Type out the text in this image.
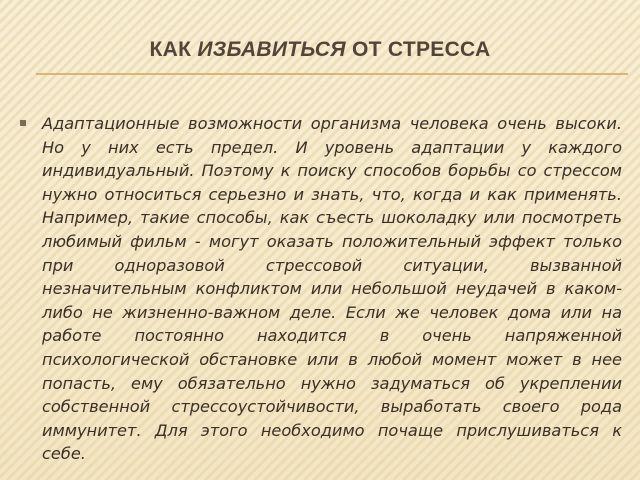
КАК ИЗБАВИТЬСЯ ОТ СТРЕССА

Адаптационные возможности организма человека очень высоки. Но у них есть предел. И уровень адаптации у каждого индивидуальный. Поэтому к поиску способов борьбы со стрессом нужно относиться серьезно и знать, что, когда и как применять. Например, такие способы, как съесть шоколадку или посмотреть любимый фильм - могут оказать положительный эффект только при одноразовой стрессовой ситуации, вызванной незначительным конфликтом или небольшой неудачей в каком-либо не жизненно-важном деле. Если же человек дома или на работе постоянно находится в очень напряженной психологической обстановке или в любой момент может в нее попасть, ему обязательно нужно задуматься об укреплении собственной стрессоустойчивости, выработать своего рода иммунитет. Для этого необходимо почаще прислушиваться к себе.
